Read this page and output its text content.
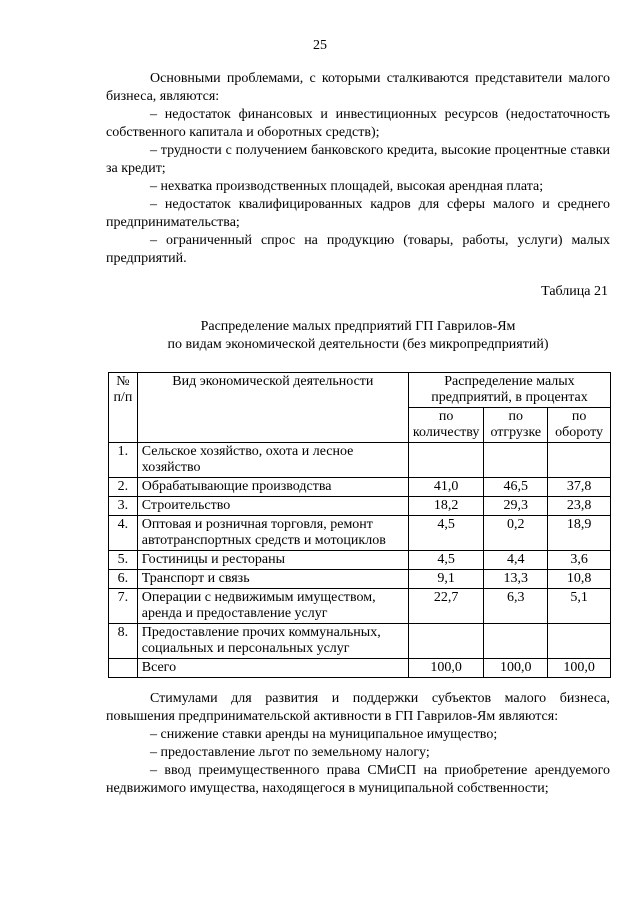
25

Основными проблемами, с которыми сталкиваются представители малого бизнеса, являются:

– недостаток финансовых и инвестиционных ресурсов (недостаточность собственного капитала и оборотных средств);

– трудности с получением банковского кредита, высокие процентные ставки за кредит;

– нехватка производственных площадей, высокая арендная плата;

– недостаток квалифицированных кадров для сферы малого и среднего предпринимательства;

– ограниченный спрос на продукцию (товары, работы, услуги) малых предприятий.

Таблица 21
Распределение малых предприятий ГП Гаврилов-Ям
по видам экономической деятельности (без микропредприятий)
№ п/п	Вид экономической деятельности	Распределение малых предприятий, в процентах		
		по количеству	по отгрузке	по обороту
1.	Сельское хозяйство, охота и лесное хозяйство			
2.	Обрабатывающие производства	41,0	46,5	37,8
3.	Строительство	18,2	29,3	23,8
4.	Оптовая и розничная торговля, ремонт автотранспортных средств и мотоциклов	4,5	0,2	18,9
5.	Гостиницы и рестораны	4,5	4,4	3,6
6.	Транспорт и связь	9,1	13,3	10,8
7.	Операции с недвижимым имуществом, аренда и предоставление услуг	22,7	6,3	5,1
8.	Предоставление прочих коммунальных, социальных и персональных услуг			
	Всего	100,0	100,0	100,0

Стимулами для развития и поддержки субъектов малого бизнеса, повышения предпринимательской активности в ГП Гаврилов-Ям являются:

– снижение ставки аренды на муниципальное имущество;

– предоставление льгот по земельному налогу;

– ввод преимущественного права СМиСП на приобретение арендуемого недвижимого имущества, находящегося в муниципальной собственности;
